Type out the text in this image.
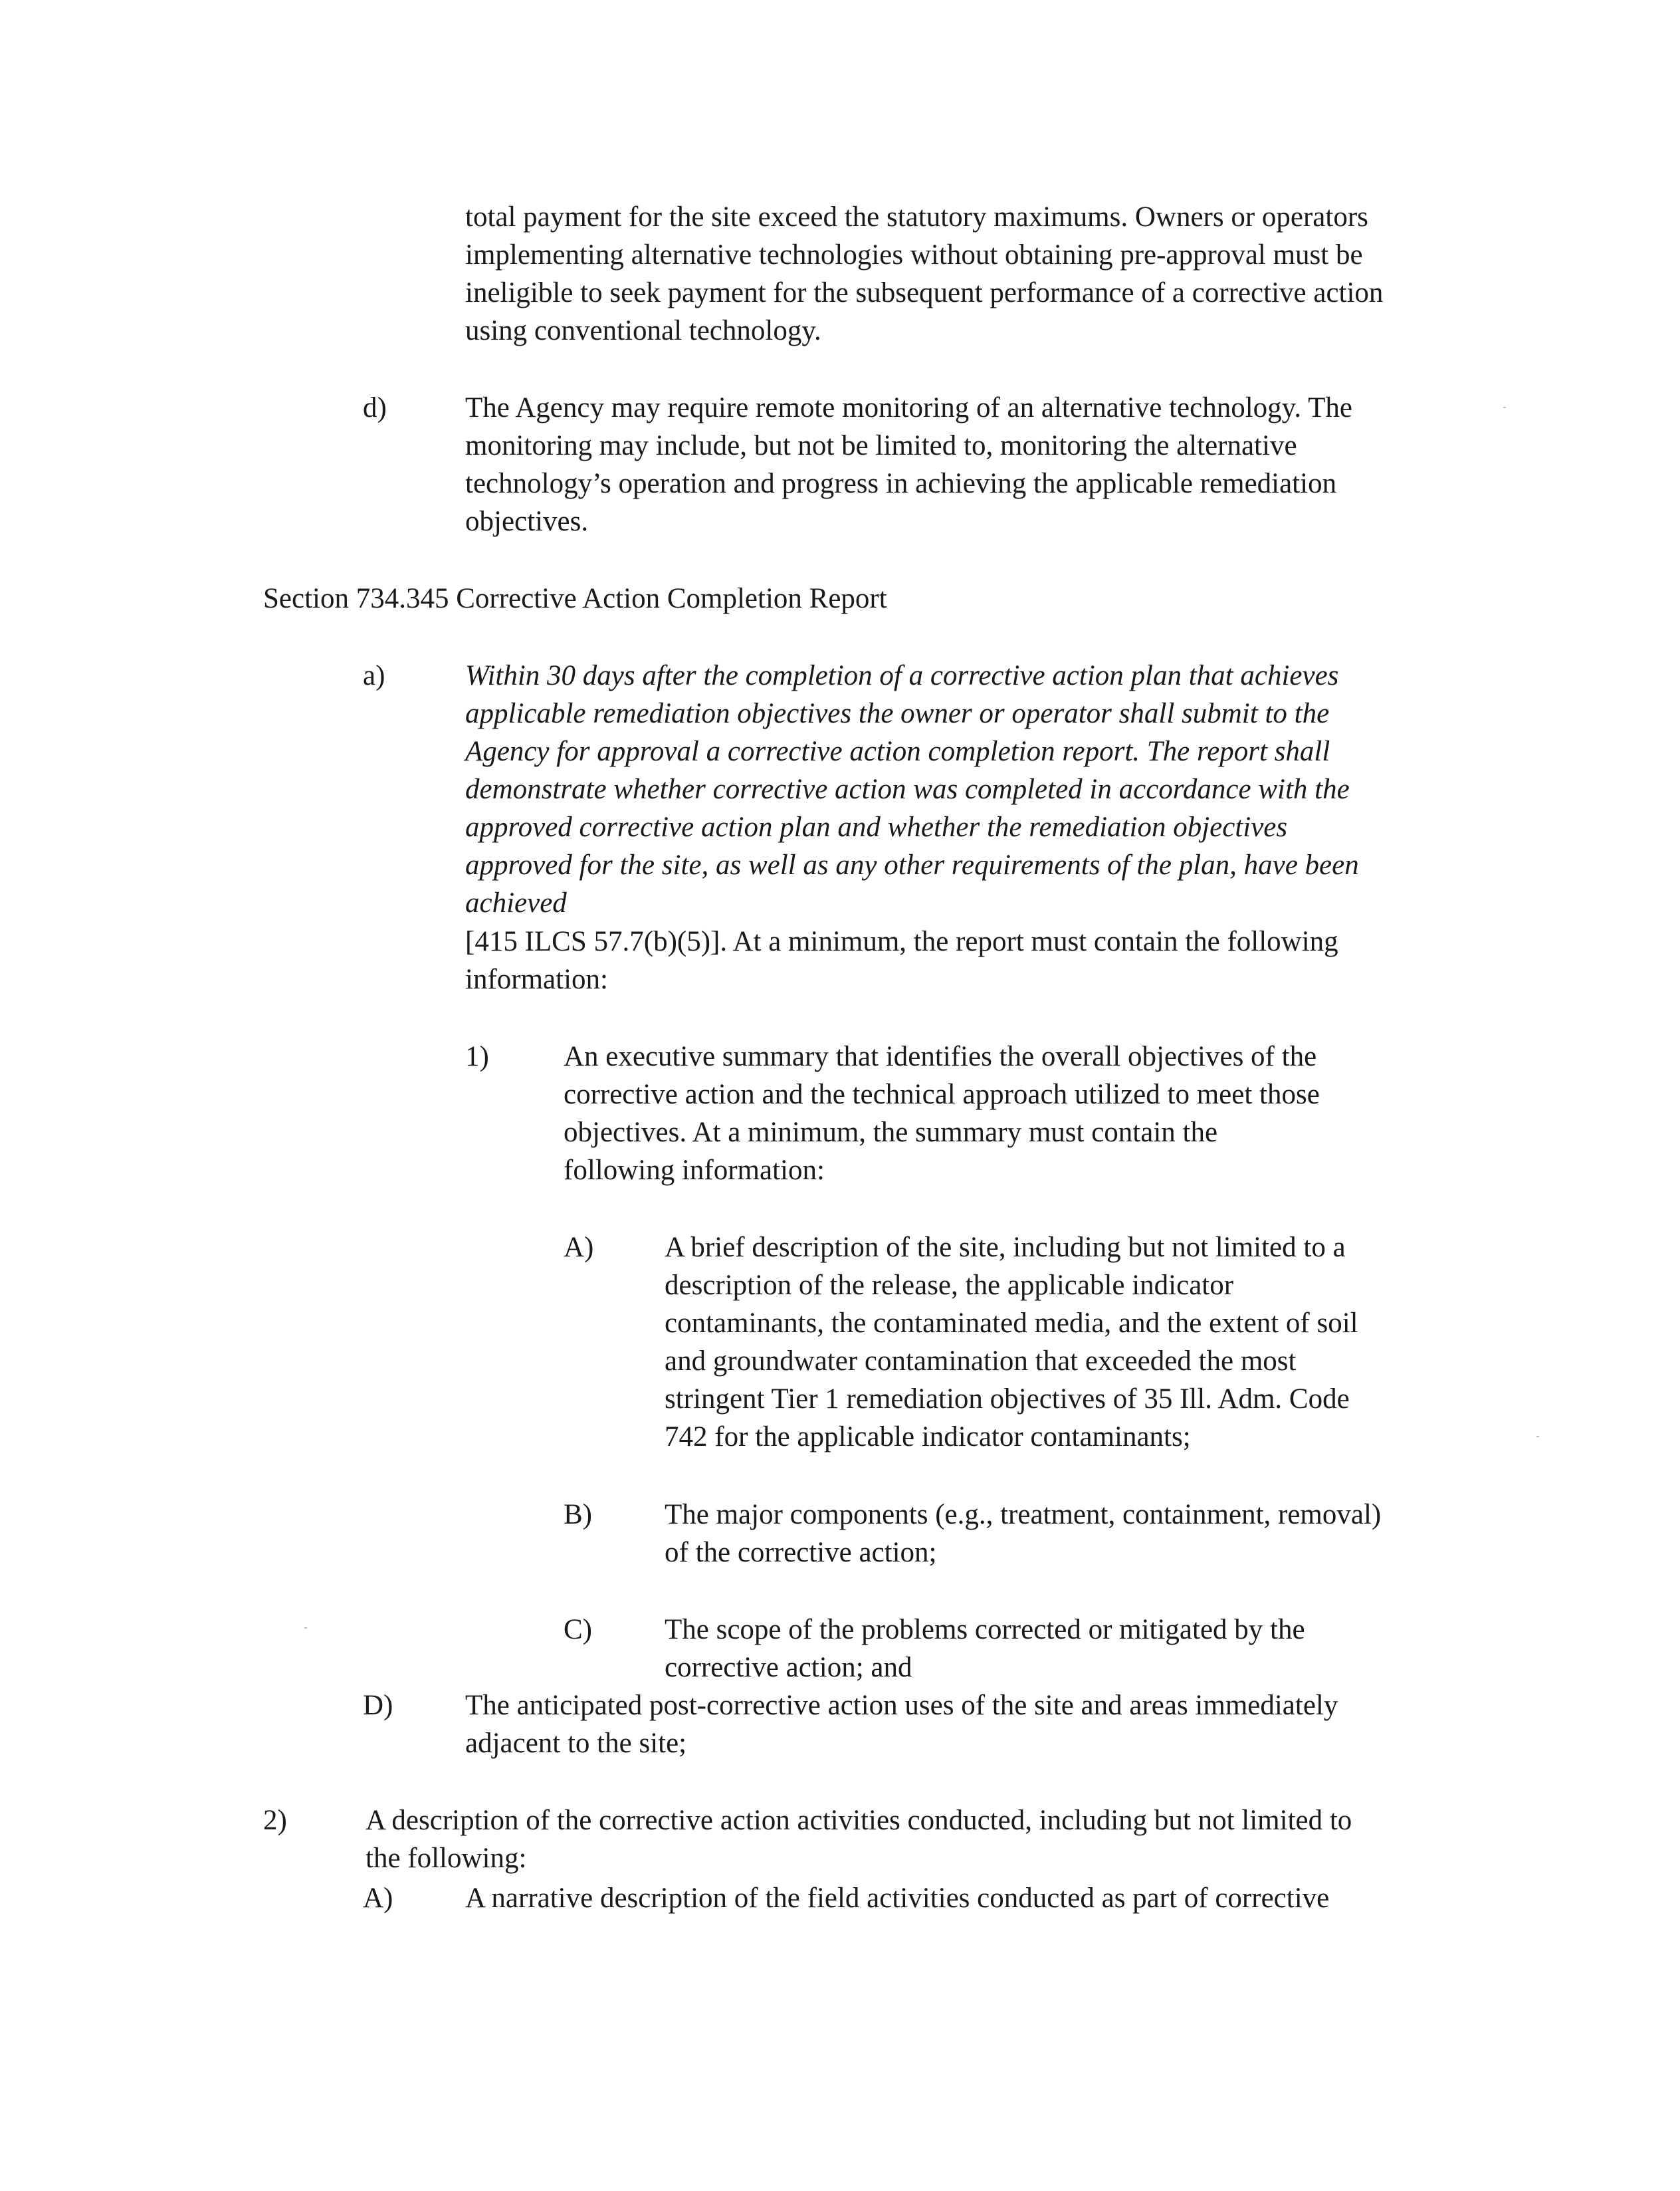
total payment for the site exceed the statutory maximums. Owners or operators
implementing alternative technologies without obtaining pre-approval must be
ineligible to seek payment for the subsequent performance of a corrective action
using conventional technology.
d)	The Agency may require remote monitoring of an alternative technology. The
monitoring may include, but not be limited to, monitoring the alternative
technology’s operation and progress in achieving the applicable remediation
objectives.
Section 734.345 Corrective Action Completion Report
a)	Within 30 days after the completion of a corrective action plan that achieves
applicable remediation objectives the owner or operator shall submit to the
Agency for approval a corrective action completion report. The report shall
demonstrate whether corrective action was completed in accordance with the
approved corrective action plan and whether the remediation objectives
approved for the site, as well as any other requirements of the plan, have been
achieved
[415 ILCS 57.7(b)(5)]. At a minimum, the report must contain the following
information:
1)	An executive summary that identifies the overall objectives of the
corrective action and the technical approach utilized to meet those
objectives. At a minimum, the summary must contain the
following information:
A) A brief description of the site, including but not limited to a
description of the release, the applicable indicator
contaminants, the contaminated media, and the extent of soil
and groundwater contamination that exceeded the most
stringent Tier 1 remediation objectives of 35 Ill. Adm. Code
742 for the applicable indicator contaminants;
B)	The major components (e.g., treatment, containment, removal)
of the corrective action;
C)	The scope of the problems corrected or mitigated by the
corrective action; and
D)	The anticipated post-corrective action uses of the site and areas immediately
adjacent to the site;
2)	A description of the corrective action activities conducted, including but not limited to
the following:
A)	A narrative description of the field activities conducted as part of corrective
